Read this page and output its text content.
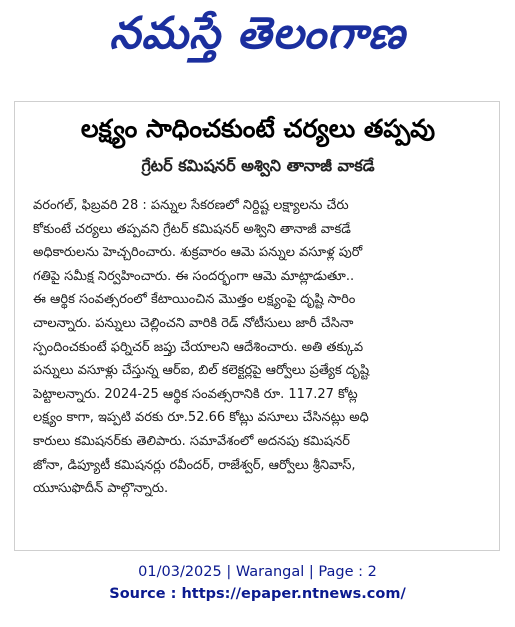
నమస్తే తెలంగాణ
లక్ష్యం సాధించకుంటే చర్యలు తప్పవు
గ్రేటర్ కమిషనర్ అశ్విని తానాజీ వాకడే
వరంగల్, ఫిబ్రవరి 28 : పన్నుల సేకరణలో నిర్దిష్ట లక్ష్యాలను చేరు
కోకుంటే చర్యలు తప్పవని గ్రేటర్ కమిషనర్ అశ్విని తానాజీ వాకడే
అధికారులను హెచ్చరించారు. శుక్రవారం ఆమె పన్నుల వసూళ్ల పురో
గతిపై సమీక్ష నిర్వహించారు. ఈ సందర్భంగా ఆమె మాట్లాడుతూ..
ఈ ఆర్థిక సంవత్సరంలో కేటాయించిన మొత్తం లక్ష్యంపై దృష్టి సారిం
చాలన్నారు. పన్నులు చెల్లించని వారికి రెడ్ నోటీసులు జారీ చేసినా
స్పందించకుంటే ఫర్నిచర్ జప్తు చేయాలని ఆదేశించారు. అతి తక్కువ
పన్నులు వసూళ్లు చేస్తున్న ఆర్ఐ, బిల్ కలెక్టర్లపై ఆర్వోలు ప్రత్యేక దృష్టి
పెట్టాలన్నారు. 2024-25 ఆర్థిక సంవత్సరానికి రూ. 117.27 కోట్ల
లక్ష్యం కాగా, ఇప్పటి వరకు రూ.52.66 కోట్లు వసూలు చేసినట్లు అధి
కారులు కమిషనర్‌కు తెలిపారు. సమావేశంలో అదనపు కమిషనర్
జోనా, డిప్యూటీ కమిషనర్లు రవీందర్, రాజేశ్వర్, ఆర్వోలు శ్రీనివాస్,
యూసుఫొదీన్ పాల్గొన్నారు.
01/03/2025 | Warangal | Page : 2
Source : https://epaper.ntnews.com/
